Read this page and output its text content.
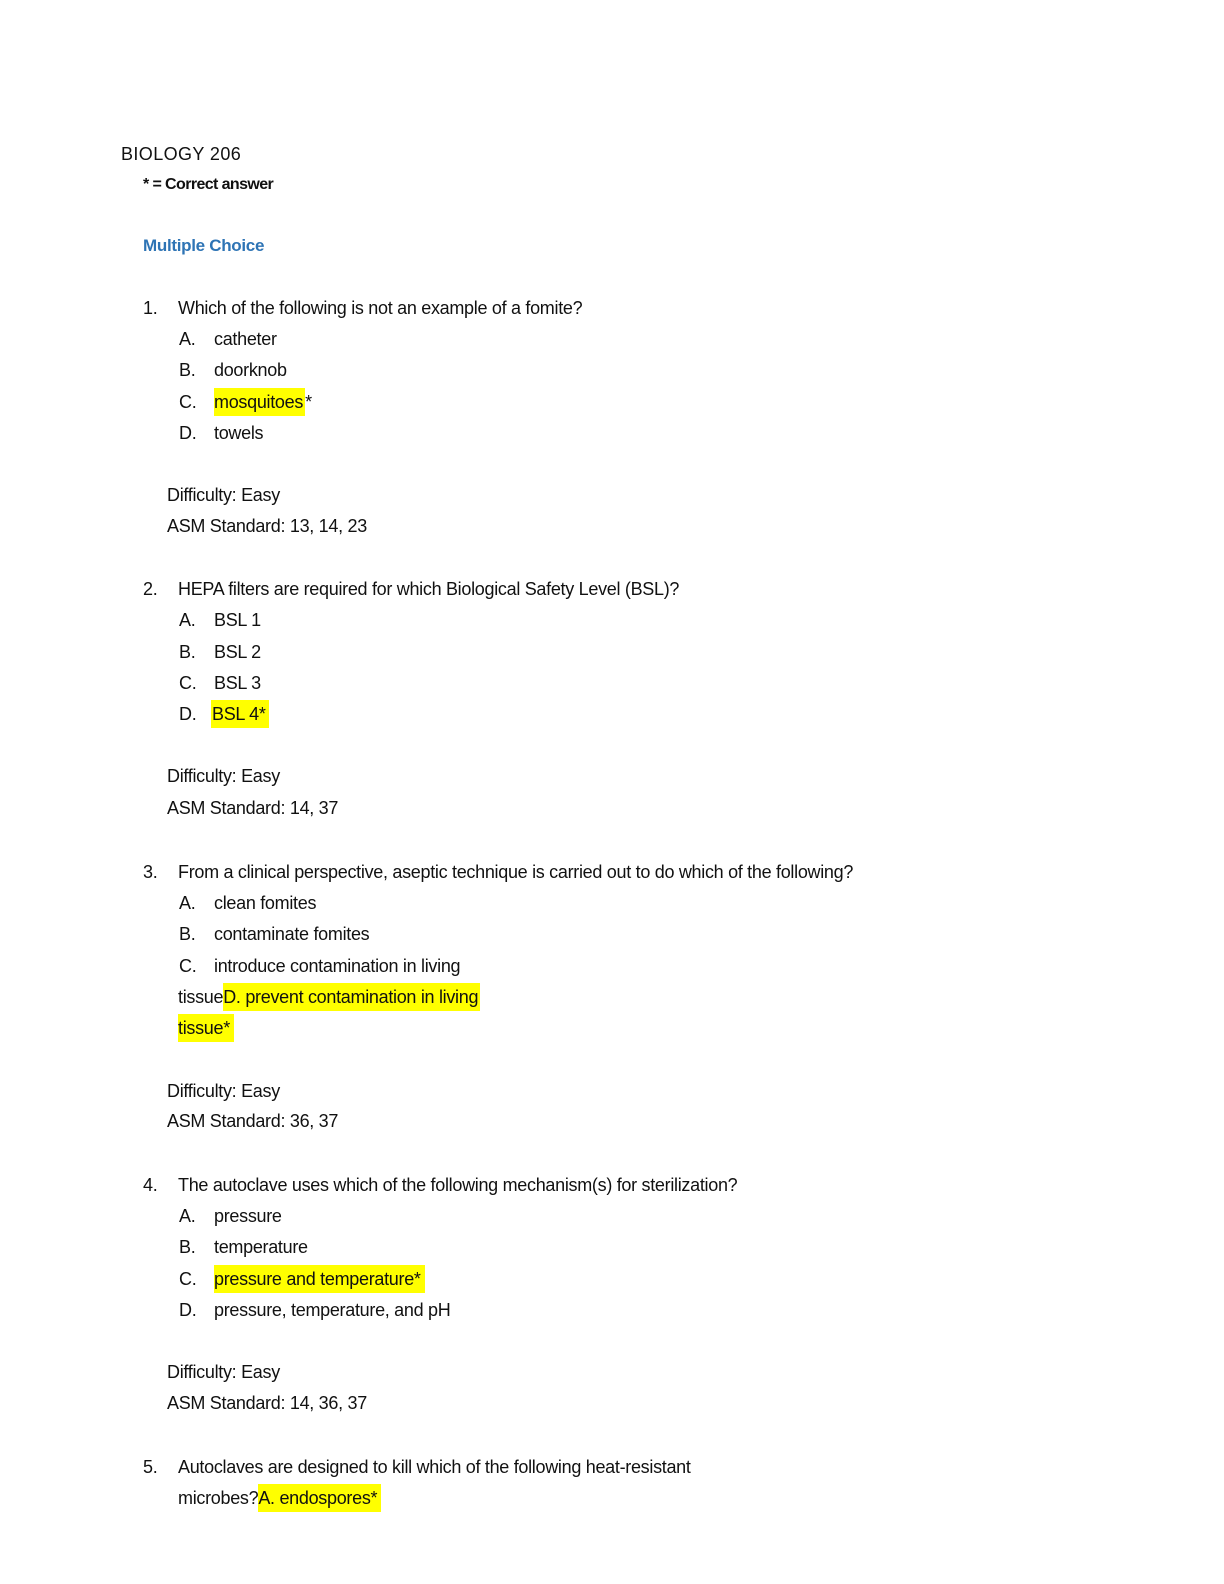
BIOLOGY 206
* = Correct answer
Multiple Choice
1. Which of the following is not an example of a fomite?
A. catheter
B. doorknob
C. mosquitoes *
D. towels
Difficulty: Easy
ASM Standard: 13, 14, 23
2. HEPA filters are required for which Biological Safety Level (BSL)?
A. BSL 1
B. BSL 2
C. BSL 3
D. BSL 4*
Difficulty: Easy
ASM Standard: 14, 37
3. From a clinical perspective, aseptic technique is carried out to do which of the following?
A. clean fomites
B. contaminate fomites
C. introduce contamination in living
tissueD. prevent contamination in living
tissue*
Difficulty: Easy
ASM Standard: 36, 37
4. The autoclave uses which of the following mechanism(s) for sterilization?
A. pressure
B. temperature
C. pressure and temperature*
D. pressure, temperature, and pH
Difficulty: Easy
ASM Standard: 14, 36, 37
5. Autoclaves are designed to kill which of the following heat-resistant
microbes?A. endospores*
